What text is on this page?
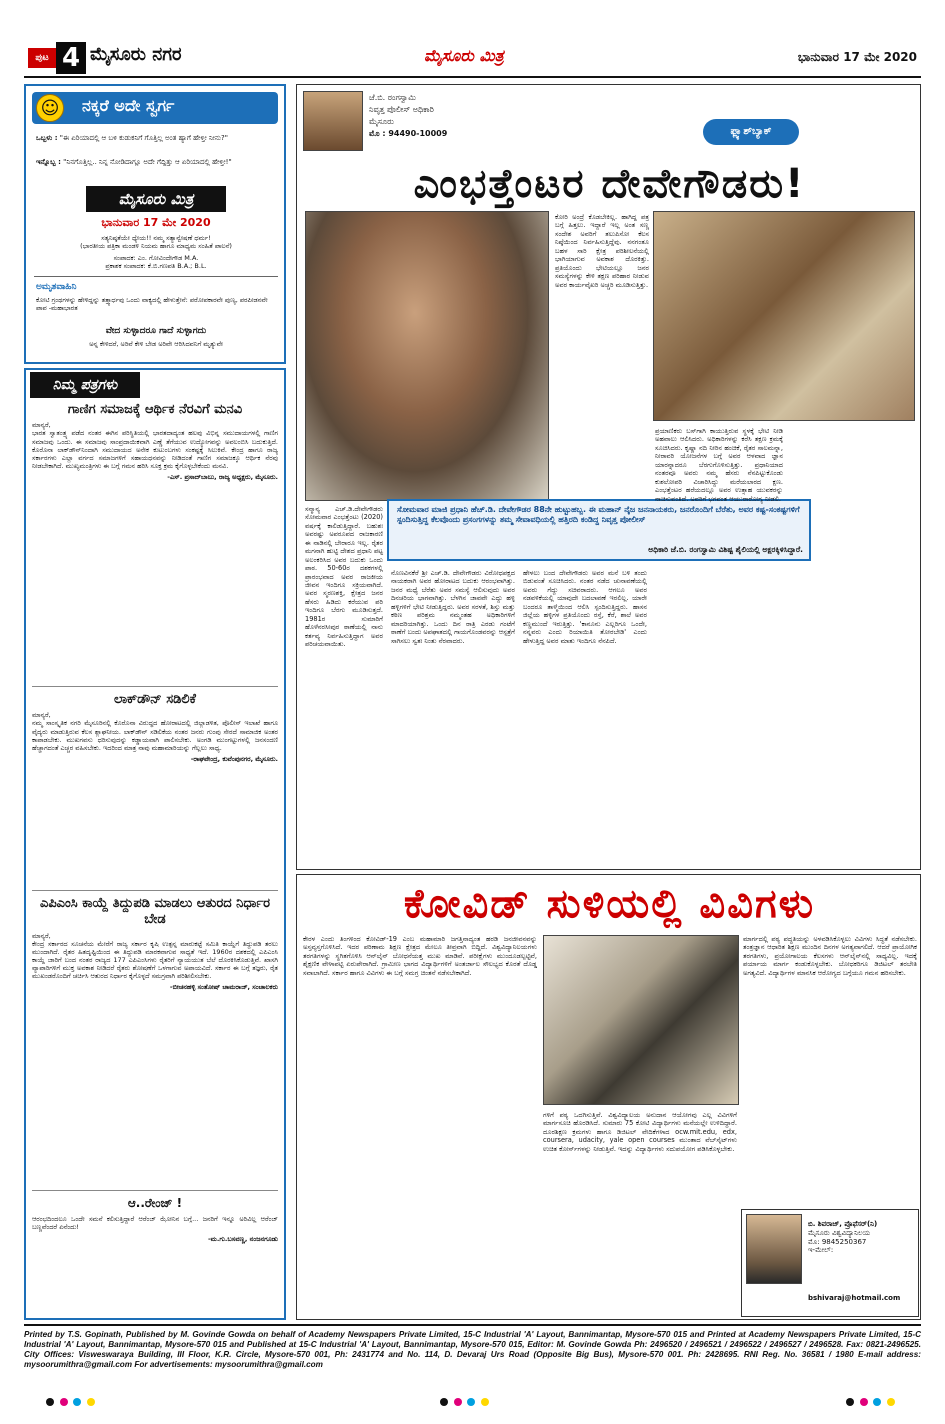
ಪುಟ 4 ಮೈಸೂರು ನಗರ	ಮೈಸೂರು ಮಿತ್ರ	ಭಾನುವಾರ 17 ಮೇ 2020
☺ ನಕ್ಕರೆ ಅದೇ ಸ್ವರ್ಗ
ಒಬ್ಬಳು : "ಈ ಏರಿಯಾದಲ್ಲಿ ಆ ಬಳಿ ಕುಡುಕನಿಗೆ ಗೊತ್ತಿಲ್ಲ ಅಂತ ಹ್ಯಾಗೆ ಹೇಳ್ತೀ ನೀನು?"
ಇನ್ನೊಬ್ಬ : "ನಿನಗೊತ್ತಿಲ್ಲ.. ನಿನ್ನ ನೋಡಿದಾಗ್ಲೂ ಅದೇ ಗೆದ್ದಿತ್ತು ಆ ಏರಿಯಾದಲ್ಲಿ ಹೇಳ್ತೀ!"
ಮೈಸೂರು ಮಿತ್ರ
ಭಾನುವಾರ 17 ಮೇ 2020
ಸತ್ಯನಿಷ್ಠತೆಯೇ ಧ್ಯೇಯ!! ನಮ್ಮ ಸತ್ಯಾನ್ವೇಷಣೆ ಧರ್ಮ!
(ಭಾರತೀಯ ಪತ್ರಿಕಾ ಮಂಡಳಿ ನಿಯಮ ಹಾಗೂ ಮಾಧ್ಯಮ ಸಂಹಿತೆ ಪಾಲನೆ)
ಸಂಪಾದಕ: ಎಂ. ಗೋವಿಂದೇಗೌಡ M.A.
ಪ್ರಕಾಶಕ ಸಂಪಾದಕ: ಕೆ.ಬಿ.ಗಣಪತಿ B.A.; B.L.
ಅಮೃತವಾಹಿನಿ
ಕೋಟಿ ಗ್ರಂಥಗಳನ್ನು ಹೇಳಿದ್ದನ್ನು ತತ್ತ್ವಾರ್ಧವು ಒಂದು ವಾಕ್ಯದಲ್ಲಿ ಹೇಳುತ್ತೇನೆ: ಪರೋಪಕಾರವೇ ಪುಣ್ಯ, ಪರಪೀಡನವೇ ಪಾಪ -ಮಹಾಭಾರತ
ವೇದ ಸುಳ್ಳಾದರೂ ಗಾದೆ ಸುಳ್ಳಾಗದು
ಅನ್ನ ಕೇಳಿದರೆ, ಅರಿವೆ ಕೇಳಿ ಬೇಡ ಅರಿವೇ ಆರಿಸಿದವನಿಗೆ ಮೃತ್ಯುವೇ
ನಿಮ್ಮ ಪತ್ರಗಳು
ಗಾಣಿಗ ಸಮಾಜಕ್ಕೆ ಆರ್ಥಿಕ ನೆರವಿಗೆ ಮನವಿ
ಮಾನ್ಯರೆ,

ಭಾರತ ಸ್ವಾತಂತ್ರ್ಯ ಪಡೆದ ನಂತರ ಈಗಿನ ಪರಿಸ್ಥಿತಿಯಲ್ಲಿ ಭಾರತದಾದ್ಯಂತ ಹಲವು ವಿಭಿನ್ನ ಸಮುದಾಯಗಳಲ್ಲಿ ಗಾಣಿಗ ಸಮಾಜವು ಒಂದು. ಈ ಸಮಾಜವು ಸಾಂಪ್ರದಾಯಿಕವಾಗಿ ಎಣ್ಣೆ ತೆಗೆಯುವ ಉದ್ಯೋಗವನ್ನು ಅವಲಂಬಿಸಿ ಬದುಕುತ್ತಿದೆ. ಕೊರೊನಾ ಲಾಕ್‌ಡೌನ್‌ನಿಂದಾಗಿ ಸಮುದಾಯದ ಅನೇಕ ಕುಟುಂಬಗಳು ಸಂಕಷ್ಟಕ್ಕೆ ಸಿಲುಕಿವೆ. ಕೇಂದ್ರ ಹಾಗೂ ರಾಜ್ಯ ಸರ್ಕಾರಗಳು ಎಲ್ಲಾ ವರ್ಗದ ಸಮಾಜಗಳಿಗೆ ಸಹಾಯಧನವನ್ನು ನೀಡಿದಂತೆ ಗಾಣಿಗ ಸಮಾಜಕ್ಕೂ ಆರ್ಥಿಕ ನೆರವು ನೀಡಬೇಕಾಗಿದೆ. ಮುಖ್ಯಮಂತ್ರಿಗಳು ಈ ಬಗ್ಗೆ ಗಮನ ಹರಿಸಿ ಸೂಕ್ತ ಕ್ರಮ ಕೈಗೊಳ್ಳಬೇಕೆಂದು ಮನವಿ.

-ಎಸ್. ಪ್ರಸಾದ್‌ಬಾಬು, ರಾಜ್ಯ ಅಧ್ಯಕ್ಷರು, ಮೈಸೂರು.
ಲಾಕ್‌ಡೌನ್ ಸಡಿಲಿಕೆ
ಮಾನ್ಯರೆ,

ನಮ್ಮ ಸಾಂಸ್ಕೃತಿಕ ನಗರಿ ಮೈಸೂರಿನಲ್ಲಿ ಕೊರೊನಾ ವಿರುದ್ಧದ ಹೋರಾಟದಲ್ಲಿ ಜಿಲ್ಲಾಡಳಿತ, ಪೊಲೀಸ್ ಇಲಾಖೆ ಹಾಗೂ ವೈದ್ಯರು ಮಾಡುತ್ತಿರುವ ಕೆಲಸ ಶ್ಲಾಘನೀಯ. ಲಾಕ್‌ಡೌನ್ ಸಡಿಲಿಕೆಯ ನಂತರ ಜನರು ಗುಂಪು ಸೇರದೆ ಸಾಮಾಜಿಕ ಅಂತರ ಕಾಪಾಡಬೇಕು. ಮುಖಗವಸು ಧರಿಸುವುದನ್ನು ಕಡ್ಡಾಯವಾಗಿ ಪಾಲಿಸಬೇಕು. ಅಂಗಡಿ ಮುಂಗಟ್ಟುಗಳಲ್ಲಿ ಜನಸಂದಣಿ ಹೆಚ್ಚಾಗದಂತೆ ಎಚ್ಚರ ವಹಿಸಬೇಕು. ಇದರಿಂದ ಮಾತ್ರ ನಾವು ಮಹಾಮಾರಿಯನ್ನು ಗೆಲ್ಲಲು ಸಾಧ್ಯ.

-ರಾಘವೇಂದ್ರ, ಕುವೆಂಪುನಗರ, ಮೈಸೂರು.
ಎಪಿಎಂಸಿ ಕಾಯ್ದೆ ತಿದ್ದುಪಡಿ ಮಾಡಲು ಆತುರದ ನಿರ್ಧಾರ ಬೇಡ
ಮಾನ್ಯರೆ,

ಕೇಂದ್ರ ಸರ್ಕಾರದ ಸೂಚನೆಯ ಮೇರೆಗೆ ರಾಜ್ಯ ಸರ್ಕಾರ ಕೃಷಿ ಉತ್ಪನ್ನ ಮಾರುಕಟ್ಟೆ ಸಮಿತಿ ಕಾಯ್ದೆಗೆ ತಿದ್ದುಪಡಿ ತರಲು ಮುಂದಾಗಿದೆ. ರೈತರ ಹಿತದೃಷ್ಟಿಯಿಂದ ಈ ತಿದ್ದುಪಡಿ ಮಾರಕವಾಗುವ ಸಾಧ್ಯತೆ ಇದೆ. 1960ರ ದಶಕದಲ್ಲಿ ಎಪಿಎಂಸಿ ಕಾಯ್ದೆ ಜಾರಿಗೆ ಬಂದ ನಂತರ ರಾಜ್ಯದ 177 ಎಪಿಎಂಸಿಗಳು ರೈತರಿಗೆ ನ್ಯಾಯಯುತ ಬೆಲೆ ದೊರಕಿಸಿಕೊಡುತ್ತಿವೆ. ಖಾಸಗಿ ವ್ಯಾಪಾರಿಗಳಿಗೆ ಮುಕ್ತ ಅವಕಾಶ ನೀಡಿದರೆ ರೈತರು ಶೋಷಣೆಗೆ ಒಳಗಾಗುವ ಅಪಾಯವಿದೆ. ಸರ್ಕಾರ ಈ ಬಗ್ಗೆ ತಜ್ಞರು, ರೈತ ಮುಖಂಡರೊಂದಿಗೆ ಚರ್ಚಿಸಿ ಆತುರದ ನಿರ್ಧಾರ ಕೈಗೊಳ್ಳದೆ ಸಮಗ್ರವಾಗಿ ಪರಿಶೀಲಿಸಬೇಕು.

-ಬೀಚನಹಳ್ಳಿ ಸಂತೋಷ್ ಚಾಮರಾಜ್, ಸಂಚಾಲಕರು
ಆ..ರೇಂಜ್ !

ಆರಂಭದಿಂದಲೂ ಒಂದೇ ಸಮನೆ ಕಲಿಸುತ್ತಿದ್ದಾರೆ ಆರೆಂಜ್ ಝೋನಿನ ಬಗ್ಗೆ... ಜನರಿಗೆ ಇನ್ನೂ ಅರಿವಿಲ್ಲ ಆರೆಂಜ್ ಬಣ್ಣವೆಂದರೆ ಏನೆಂದು!

-ಮ.ಗು.ಬಸವಣ್ಣ, ನಂಜನಗೂಡು
ಜೆ.ಬಿ. ರಂಗಸ್ವಾಮಿ
ನಿವೃತ್ತ ಪೊಲೀಸ್ ಅಧಿಕಾರಿ
ಮೈಸೂರು
ಮೊ : 94490-10009	ಫ್ಲ್ಯಾಶ್‌ಬ್ಯಾಕ್
ಎಂಭತ್ತೆಂಟರ ದೇವೇಗೌಡರು!

ಕೋರಿ ಅಂದ್ರೆ ಕೊಡಬೇಕಿಲ್ಲ. ಹಾಗಿದ್ದ ಪತ್ರ ಬಗ್ಗೆ ಹಿತ್ತಲು. ಇದ್ದಾರೆ ಇಲ್ಲ ಅಂತ ಸಣ್ಣ ಸಂದೇಶ ಅವರಿಗೆ ತಲುಪಿಸೋ ಕೆಲಸ ನಿಷ್ಠೆಯಿಂದ ನಿರ್ವಹಿಸುತ್ತಿದ್ದೆವು. ನನಗಂತೂ ಬಹಳ ಸಾರಿ ಕ್ಷೇತ್ರ ಪರಿಶೀಲನೆಯಲ್ಲಿ ಭಾಗಿಯಾಗುವ ಅವಕಾಶ ದೊರಕಿತ್ತು. ಪ್ರತಿಯೊಂದು ಭೇಟಿಯಲ್ಲೂ ಜನರ ಸಮಸ್ಯೆಗಳನ್ನು ಕೇಳಿ ತಕ್ಷಣ ಪರಿಹಾರ ನೀಡುವ ಅವರ ಕಾರ್ಯವೈಖರಿ ಅಚ್ಚರಿ ಮೂಡಿಸುತ್ತಿತ್ತು.

ಸೋಮವಾರ ಮಾಜಿ ಪ್ರಧಾನಿ ಹೆಚ್.ಡಿ. ದೇವೇಗೌಡರ 88ನೇ ಹುಟ್ಟುಹಬ್ಬ. ಈ ಮಹಾನ್ ನೈಜ ಜನನಾಯಕರು, ಜನರೊಂದಿಗೆ ಬೆರೆತು, ಅವರ ಕಷ್ಟ-ಸಂಕಷ್ಟಗಳಿಗೆ ಸ್ಪಂದಿಸುತ್ತಿದ್ದ ಕೆಲವೊಂದು ಪ್ರಸಂಗಗಳನ್ನು ತಮ್ಮ ಸೇವಾವಧಿಯಲ್ಲಿ ಹತ್ತಿರದಿ ಕಂಡಿದ್ದ ನಿವೃತ್ತ ಪೋಲೀಸ್
ಅಧಿಕಾರಿ ಜೆ.ಬಿ. ರಂಗಸ್ವಾಮಿ ವಿಶಿಷ್ಟ ಶೈಲಿಯಲ್ಲಿ ಅಕ್ಷರಕ್ಕಿಳಿಸಿದ್ದಾರೆ.

ಸನ್ಮಾನ್ಯ ಎಚ್.ಡಿ.ದೇವೇಗೌಡರು ಸೋಮವಾರ ಎಂಭತ್ತೆಂಟು (2020) ವರ್ಷಕ್ಕೆ ಕಾಲಿಡುತ್ತಿದ್ದಾರೆ. ಬಹುಶಃ ಅವರಷ್ಟು ಅಪರೂಪದ ರಾಜಕಾರಣಿ ಈ ನಾಡಿನಲ್ಲಿ ಬೇರಾರೂ ಇಲ್ಲ. ರೈತರ ಮಗನಾಗಿ ಹುಟ್ಟಿ ದೇಶದ ಪ್ರಧಾನಿ ಪಟ್ಟ ಅಲಂಕರಿಸಿದ ಅವರ ಬದುಕು ಒಂದು ಪಾಠ. 50-60ರ ದಶಕಗಳಲ್ಲಿ ಪ್ರಾರಂಭವಾದ ಅವರ ರಾಜಕೀಯ ಜೀವನ ಇಂದಿಗೂ ಸಕ್ರಿಯವಾಗಿದೆ. ಅವರ ಸ್ಮರಣಶಕ್ತಿ, ಕ್ಷೇತ್ರದ ಜನರ ಹೆಸರು ಹಿಡಿದು ಕರೆಯುವ ಪರಿ ಇಂದಿಗೂ ಬೆರಗು ಮೂಡಿಸುತ್ತದೆ. 1981ರ ಸುಮಾರಿಗೆ ಹೊಳೆನರಸೀಪುರ ಠಾಣೆಯಲ್ಲಿ ನಾನು ಕರ್ತವ್ಯ ನಿರ್ವಹಿಸುತ್ತಿದ್ದಾಗ ಅವರ ಪರಿಚಯವಾಯಿತು.

ನೊಣವಿನಕೆರೆ ಶ್ರೀ ಎಚ್.ಡಿ. ದೇವೇಗೌಡರು ವಿರೋಧಪಕ್ಷದ ನಾಯಕರಾಗಿ ಅವರ ಹೋರಾಟದ ಬದುಕು ಆರಂಭವಾಗಿತ್ತು. ಜನರ ಮಧ್ಯೆ ಬೆರೆತು ಅವರ ಸಮಸ್ಯೆ ಆಲಿಸುವುದು ಅವರ ದಿನಚರಿಯ ಭಾಗವಾಗಿತ್ತು. ಬೆಳಗಿನ ಜಾವವೇ ಎದ್ದು ಹಳ್ಳಿ ಹಳ್ಳಿಗಳಿಗೆ ಭೇಟಿ ನೀಡುತ್ತಿದ್ದರು. ಅವರ ಸರಳತೆ, ಶಿಸ್ತು ಮತ್ತು ಕಠಿಣ ಪರಿಶ್ರಮ ನಮ್ಮಂತಹ ಅಧಿಕಾರಿಗಳಿಗೆ ಮಾದರಿಯಾಗಿತ್ತು. ಒಂದು ದಿನ ರಾತ್ರಿ ಎರಡು ಗಂಟೆಗೆ ಠಾಣೆಗೆ ಬಂದು ಅಪಘಾತದಲ್ಲಿ ಗಾಯಗೊಂಡವರನ್ನು ಆಸ್ಪತ್ರೆಗೆ ಸಾಗಿಸಲು ಸ್ವತಃ ನಿಂತು ನೆರವಾದರು.

ಹೇಳಲು ಬಂದ ದೇವೇಗೌಡರು ಅವರ ಮನೆ ಬಳಿ ತಂದು ಬಿಡುವಂತೆ ಸೂಚಿಸಿದರು. ನಂತರ ನಡೆದ ಚುನಾವಣೆಯಲ್ಲಿ ಅವರು ಗೆದ್ದು ಸಚಿವರಾದರು. ಆಗಲೂ ಅವರ ನಡವಳಿಕೆಯಲ್ಲಿ ಯಾವುದೇ ಬದಲಾವಣೆ ಇರಲಿಲ್ಲ. ಯಾರೇ ಬಂದರೂ ತಾಳ್ಮೆಯಿಂದ ಆಲಿಸಿ ಸ್ಪಂದಿಸುತ್ತಿದ್ದರು. ಹಾಸನ ಜಿಲ್ಲೆಯ ಹಳ್ಳಿಗಳ ಪ್ರತಿಯೊಂದು ರಸ್ತೆ, ಕೆರೆ, ಶಾಲೆ ಅವರ ಕಣ್ಣಮುಂದೆ ಇರುತ್ತಿತ್ತು. 'ಕಾನೂನು ಎಲ್ಲರಿಗೂ ಒಂದೇ, ನನ್ನವರು ಎಂದು ರಿಯಾಯಿತಿ ತೋರಬೇಡಿ' ಎಂದು ಹೇಳುತ್ತಿದ್ದ ಅವರ ಮಾತು ಇಂದಿಗೂ ನೆನಪಿದೆ.

ಪ್ರಯಾಣಿಕರು ಬಸ್‌ಗಾಗಿ ಕಾಯುತ್ತಿರುವ ಸ್ಥಳಕ್ಕೆ ಭೇಟಿ ನೀಡಿ ಅಹವಾಲು ಆಲಿಸಿದರು. ಅಧಿಕಾರಿಗಳನ್ನು ಕರೆಸಿ ತಕ್ಷಣ ಕ್ರಮಕ್ಕೆ ಸೂಚಿಸಿದರು. ಕೃಷ್ಣಾ ನದಿ ನೀರಿನ ಹಂಚಿಕೆ, ರೈತರ ಸಾಲಮನ್ನಾ, ನೀರಾವರಿ ಯೋಜನೆಗಳ ಬಗ್ಗೆ ಅವರ ಆಳವಾದ ಜ್ಞಾನ ಯಾರನ್ನಾದರೂ ಬೆರಗುಗೊಳಿಸುತ್ತಿತ್ತು. ಪ್ರಧಾನಿಯಾದ ನಂತರವೂ ಅವರು ನಮ್ಮ ಹೆಸರು ನೆನಪಿಟ್ಟುಕೊಂಡು ಕುಶಲೋಪರಿ ವಿಚಾರಿಸಿದ್ದು ಮರೆಯಲಾರದ ಕ್ಷಣ. ಎಂಭತ್ತೆಂಟರ ಹರೆಯದಲ್ಲೂ ಅವರ ಉತ್ಸಾಹ ಯುವಕರನ್ನು ನಾಚಿಸುವಂತಿದೆ. ಅವರಿಗೆ ಭಗವಂತ ಆಯುರಾರೋಗ್ಯ ನೀಡಲಿ.

ಕೋವಿಡ್ ಸುಳಿಯಲ್ಲಿ ವಿವಿಗಳು

ಕೇರಳ ಎಂದು ತಿಂಗಳಿಂದ ಕೋವಿಡ್-19 ಎಂಬ ಮಹಾಮಾರಿ ಜಗತ್ತಿನಾದ್ಯಂತ ಹರಡಿ ಜನಜೀವನವನ್ನು ಅಸ್ತವ್ಯಸ್ತಗೊಳಿಸಿದೆ. ಇದರ ಪರಿಣಾಮ ಶಿಕ್ಷಣ ಕ್ಷೇತ್ರದ ಮೇಲೂ ತೀವ್ರವಾಗಿ ಬಿದ್ದಿದೆ. ವಿಶ್ವವಿದ್ಯಾನಿಲಯಗಳು ತರಗತಿಗಳನ್ನು ಸ್ಥಗಿತಗೊಳಿಸಿ ಆನ್‌ಲೈನ್ ಬೋಧನೆಯತ್ತ ಮುಖ ಮಾಡಿವೆ. ಪರೀಕ್ಷೆಗಳು ಮುಂದೂಡಲ್ಪಟ್ಟಿವೆ, ಶೈಕ್ಷಣಿಕ ವೇಳಾಪಟ್ಟಿ ಏರುಪೇರಾಗಿದೆ. ಗ್ರಾಮೀಣ ಭಾಗದ ವಿದ್ಯಾರ್ಥಿಗಳಿಗೆ ಅಂತರ್ಜಾಲ ಸೌಲಭ್ಯದ ಕೊರತೆ ದೊಡ್ಡ ಸವಾಲಾಗಿದೆ. ಸರ್ಕಾರ ಹಾಗೂ ವಿವಿಗಳು ಈ ಬಗ್ಗೆ ಸಮಗ್ರ ಚಿಂತನೆ ನಡೆಸಬೇಕಾಗಿದೆ.

ಗಳಿಗೆ ಪಠ್ಯ ಒದಗಿಸುತ್ತಿವೆ. ವಿಶ್ವವಿದ್ಯಾಲಯ ಅನುದಾನ ಆಯೋಗವು ಎಲ್ಲ ವಿವಿಗಳಿಗೆ ಮಾರ್ಗಸೂಚಿ ಹೊರಡಿಸಿದೆ. ಸುಮಾರು 75 ಕೋಟಿ ವಿದ್ಯಾರ್ಥಿಗಳು ಮನೆಯಲ್ಲೇ ಉಳಿದಿದ್ದಾರೆ. ದೂರಶಿಕ್ಷಣ ಕ್ರಮಗಳು ಹಾಗೂ ಡಿಜಿಟಲ್ ವೇದಿಕೆಗಳಾದ ocw.mit.edu, edx, coursera, udacity, yale open courses ಮುಂತಾದ ವೆಬ್‌ಸೈಟ್‌ಗಳು ಉಚಿತ ಕೋರ್ಸ್‌ಗಳನ್ನು ನೀಡುತ್ತಿವೆ. ಇದನ್ನು ವಿದ್ಯಾರ್ಥಿಗಳು ಸದುಪಯೋಗ ಪಡಿಸಿಕೊಳ್ಳಬೇಕು.

ಮಾರ್ಗದಲ್ಲಿ ಪಠ್ಯ ಪದ್ಧತಿಯನ್ನು ಅಳವಡಿಸಿಕೊಳ್ಳಲು ವಿವಿಗಳು ಸಿದ್ಧತೆ ನಡೆಸಬೇಕು. ತಂತ್ರಜ್ಞಾನ ಆಧಾರಿತ ಶಿಕ್ಷಣ ಮುಂದಿನ ದಿನಗಳ ಅಗತ್ಯವಾಗಲಿದೆ. ಆದರೆ ಪ್ರಾಯೋಗಿಕ ತರಗತಿಗಳು, ಪ್ರಯೋಗಾಲಯ ಕೆಲಸಗಳು ಆನ್‌ಲೈನ್‌ನಲ್ಲಿ ಸಾಧ್ಯವಿಲ್ಲ. ಇದಕ್ಕೆ ಪರ್ಯಾಯ ಮಾರ್ಗ ಕಂಡುಕೊಳ್ಳಬೇಕು. ಬೋಧಕರಿಗೂ ಡಿಜಿಟಲ್ ತರಬೇತಿ ಅಗತ್ಯವಿದೆ. ವಿದ್ಯಾರ್ಥಿಗಳ ಮಾನಸಿಕ ಆರೋಗ್ಯದ ಬಗ್ಗೆಯೂ ಗಮನ ಹರಿಸಬೇಕು.

ಬಿ. ಶಿವರಾಜ್, ಪ್ರೊಫೆಸರ್(ನಿ)
ಮೈಸೂರು ವಿಶ್ವವಿದ್ಯಾನಿಲಯ
ಮೊ: 9845250367
ಇ-ಮೇಲ್:
bshivaraj@hotmail.com
Printed by T.S. Gopinath, Published by M. Govinde Gowda on behalf of Academy Newspapers Private Limited, 15-C Industrial 'A' Layout, Bannimantap, Mysore-570 015 and Printed at Academy Newspapers Private Limited, 15-C Industrial 'A' Layout, Bannimantap, Mysore-570 015 and Published at 15-C Industrial 'A' Layout, Bannimantap, Mysore-570 015, Editor: M. Govinde Gowda Ph: 2496520 / 2496521 / 2496522 / 2496527 / 2496528. Fax: 0821-2496525. City Offices: Visweswaraya Building, III Floor, K.R. Circle, Mysore-570 001, Ph: 2431774 and No. 114, D. Devaraj Urs Road (Opposite Big Bus), Mysore-570 001. Ph: 2428695. RNI Reg. No. 36581 / 1980 E-mail address: mysoorumithra@gmail.com For advertisements: mysoorumithra@gmail.com
